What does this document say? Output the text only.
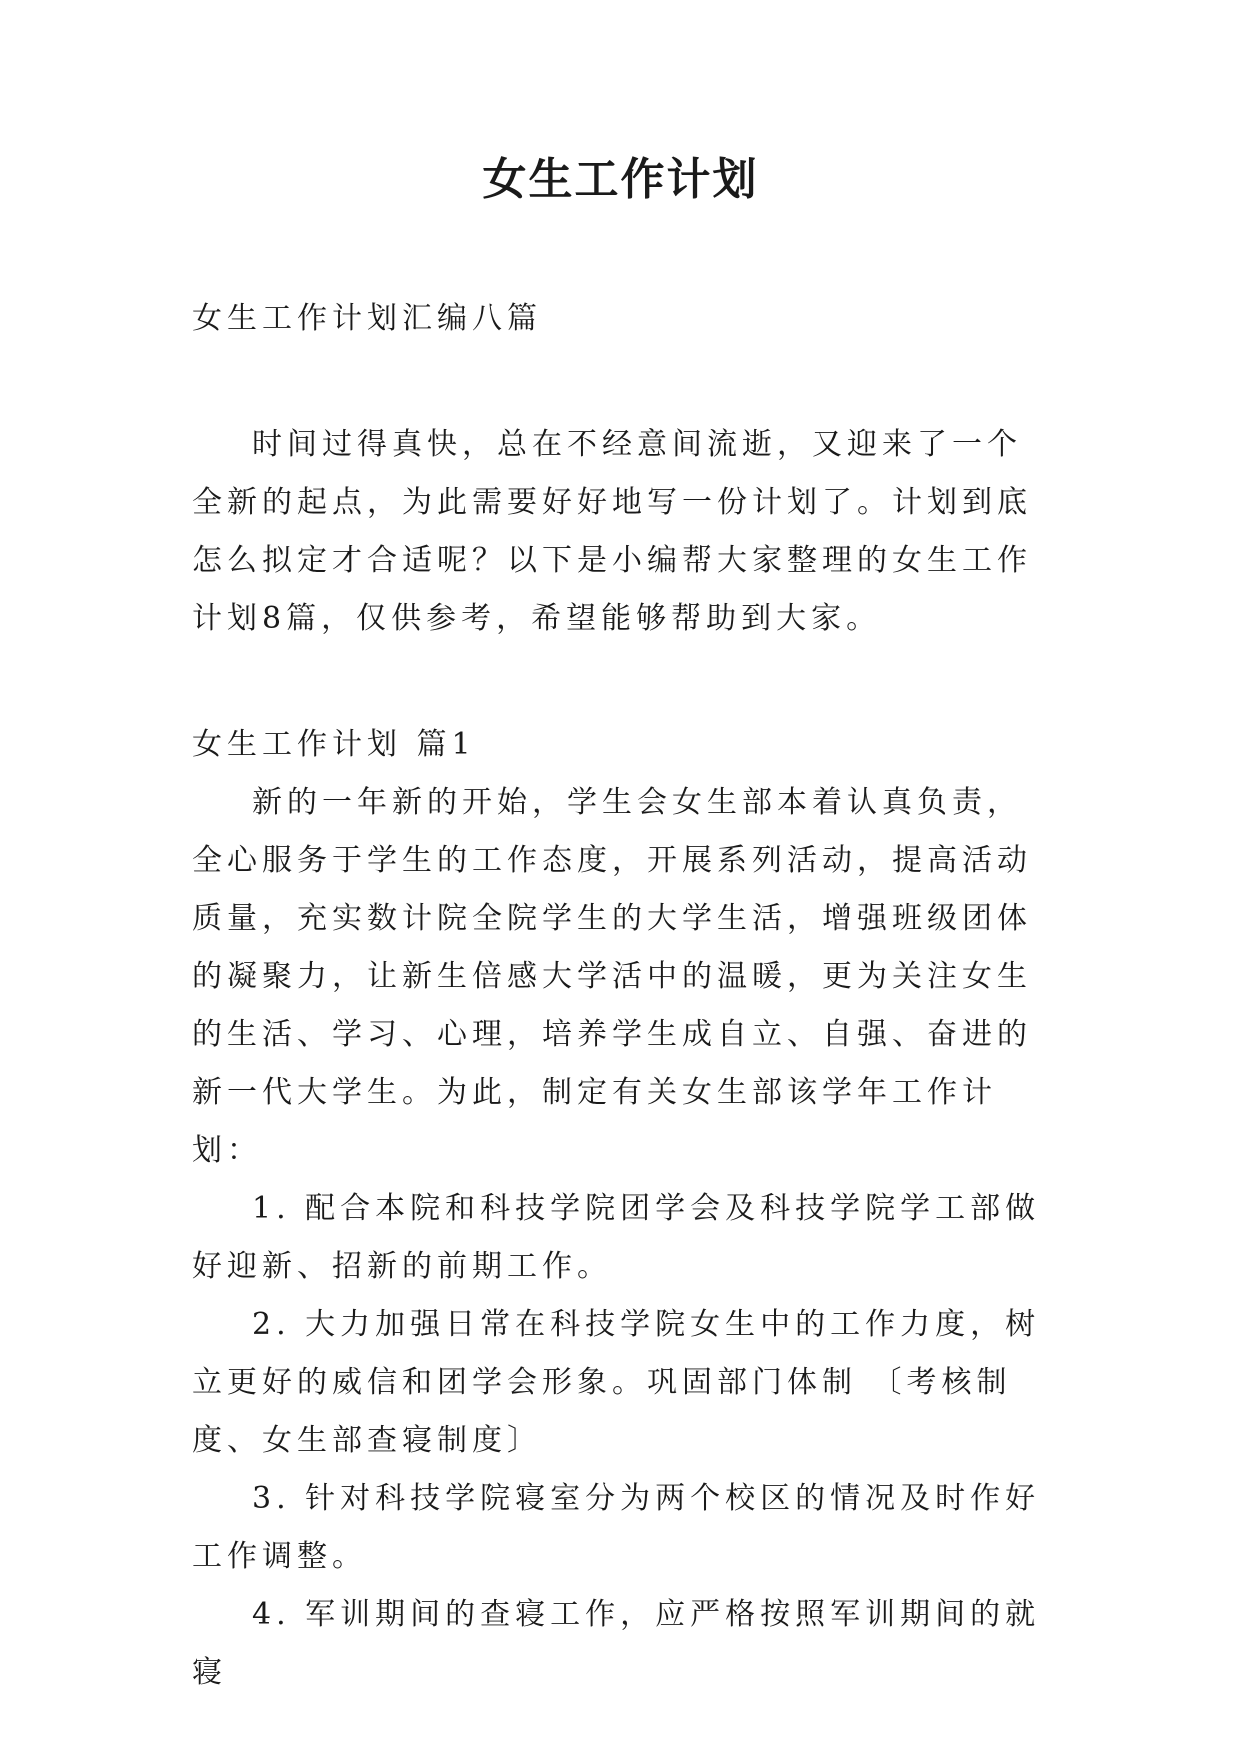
女生工作计划

女生工作计划汇编八篇

时间过得真快，总在不经意间流逝，又迎来了一个全新的起点，为此需要好好地写一份计划了。计划到底怎么拟定才合适呢？以下是小编帮大家整理的女生工作计划8篇，仅供参考，希望能够帮助到大家。

女生工作计划 篇1

新的一年新的开始，学生会女生部本着认真负责，全心服务于学生的工作态度，开展系列活动，提高活动质量，充实数计院全院学生的大学生活，增强班级团体的凝聚力，让新生倍感大学活中的温暖，更为关注女生的生活、学习、心理，培养学生成自立、自强、奋进的新一代大学生。为此，制定有关女生部该学年工作计划：

1. 配合本院和科技学院团学会及科技学院学工部做好迎新、招新的前期工作。

2. 大力加强日常在科技学院女生中的工作力度，树立更好的威信和团学会形象。巩固部门体制 〔考核制度、女生部查寝制度〕

3. 针对科技学院寝室分为两个校区的情况及时作好工作调整。

4. 军训期间的查寝工作，应严格按照军训期间的就寝
